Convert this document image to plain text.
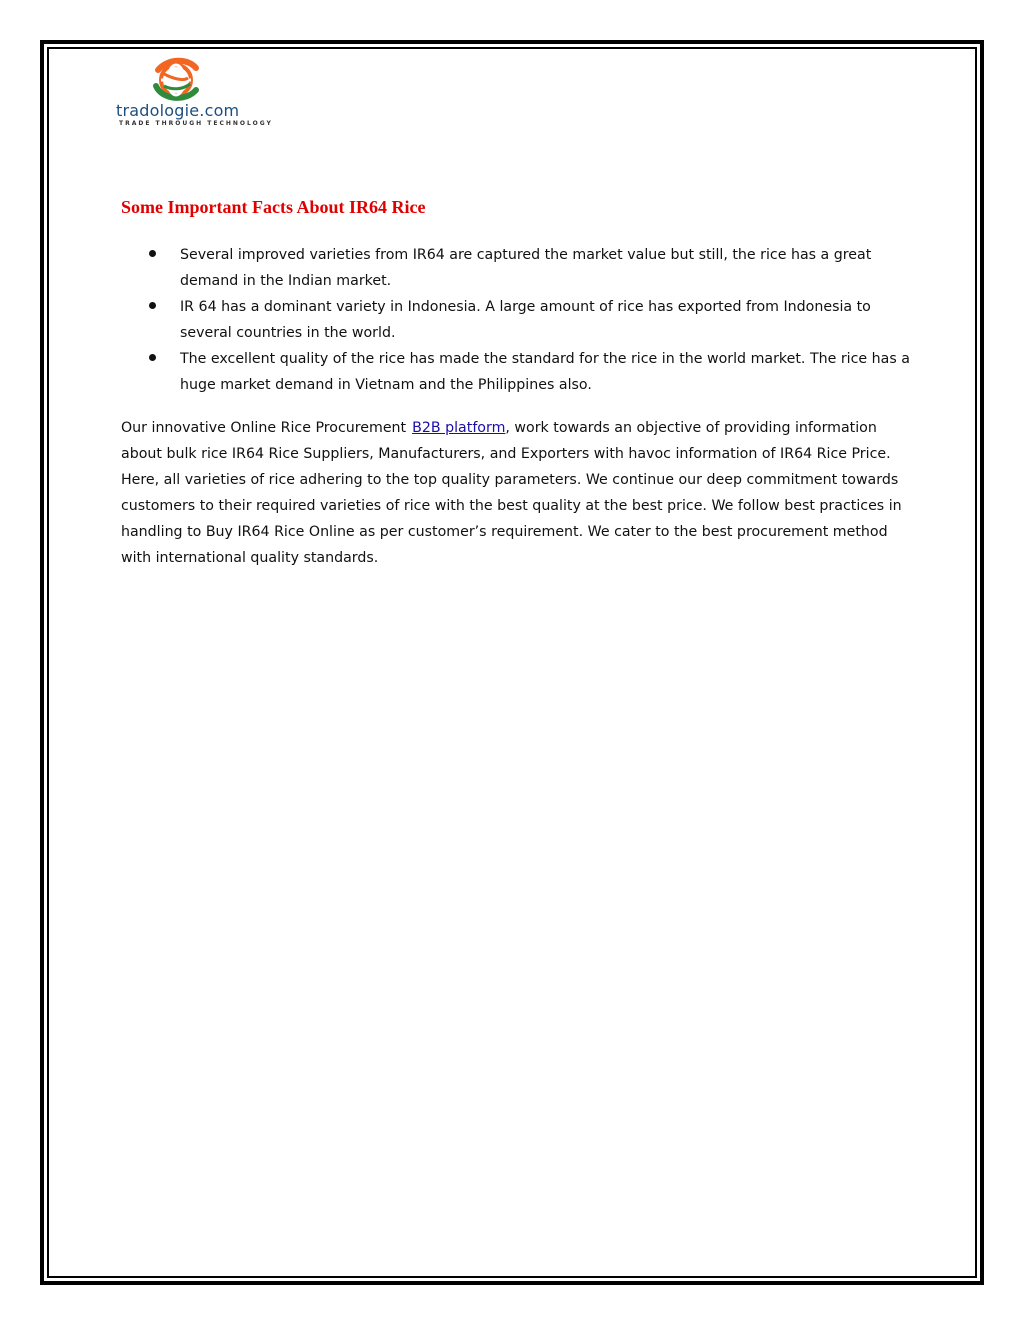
tradologie.com
TRADE THROUGH TECHNOLOGY
Some Important Facts About IR64 Rice
Several improved varieties from IR64 are captured the market value but still, the rice has a great demand in the Indian market.
IR 64 has a dominant variety in Indonesia. A large amount of rice has exported from Indonesia to several countries in the world.
The excellent quality of the rice has made the standard for the rice in the world market. The rice has a huge market demand in Vietnam and the Philippines also.

Our innovative Online Rice Procurement B2B platform, work towards an objective of providing information about bulk rice IR64 Rice Suppliers, Manufacturers, and Exporters with havoc information of IR64 Rice Price. Here, all varieties of rice adhering to the top quality parameters. We continue our deep commitment towards customers to their required varieties of rice with the best quality at the best price. We follow best practices in handling to Buy IR64 Rice Online as per customer’s requirement. We cater to the best procurement method with international quality standards.
